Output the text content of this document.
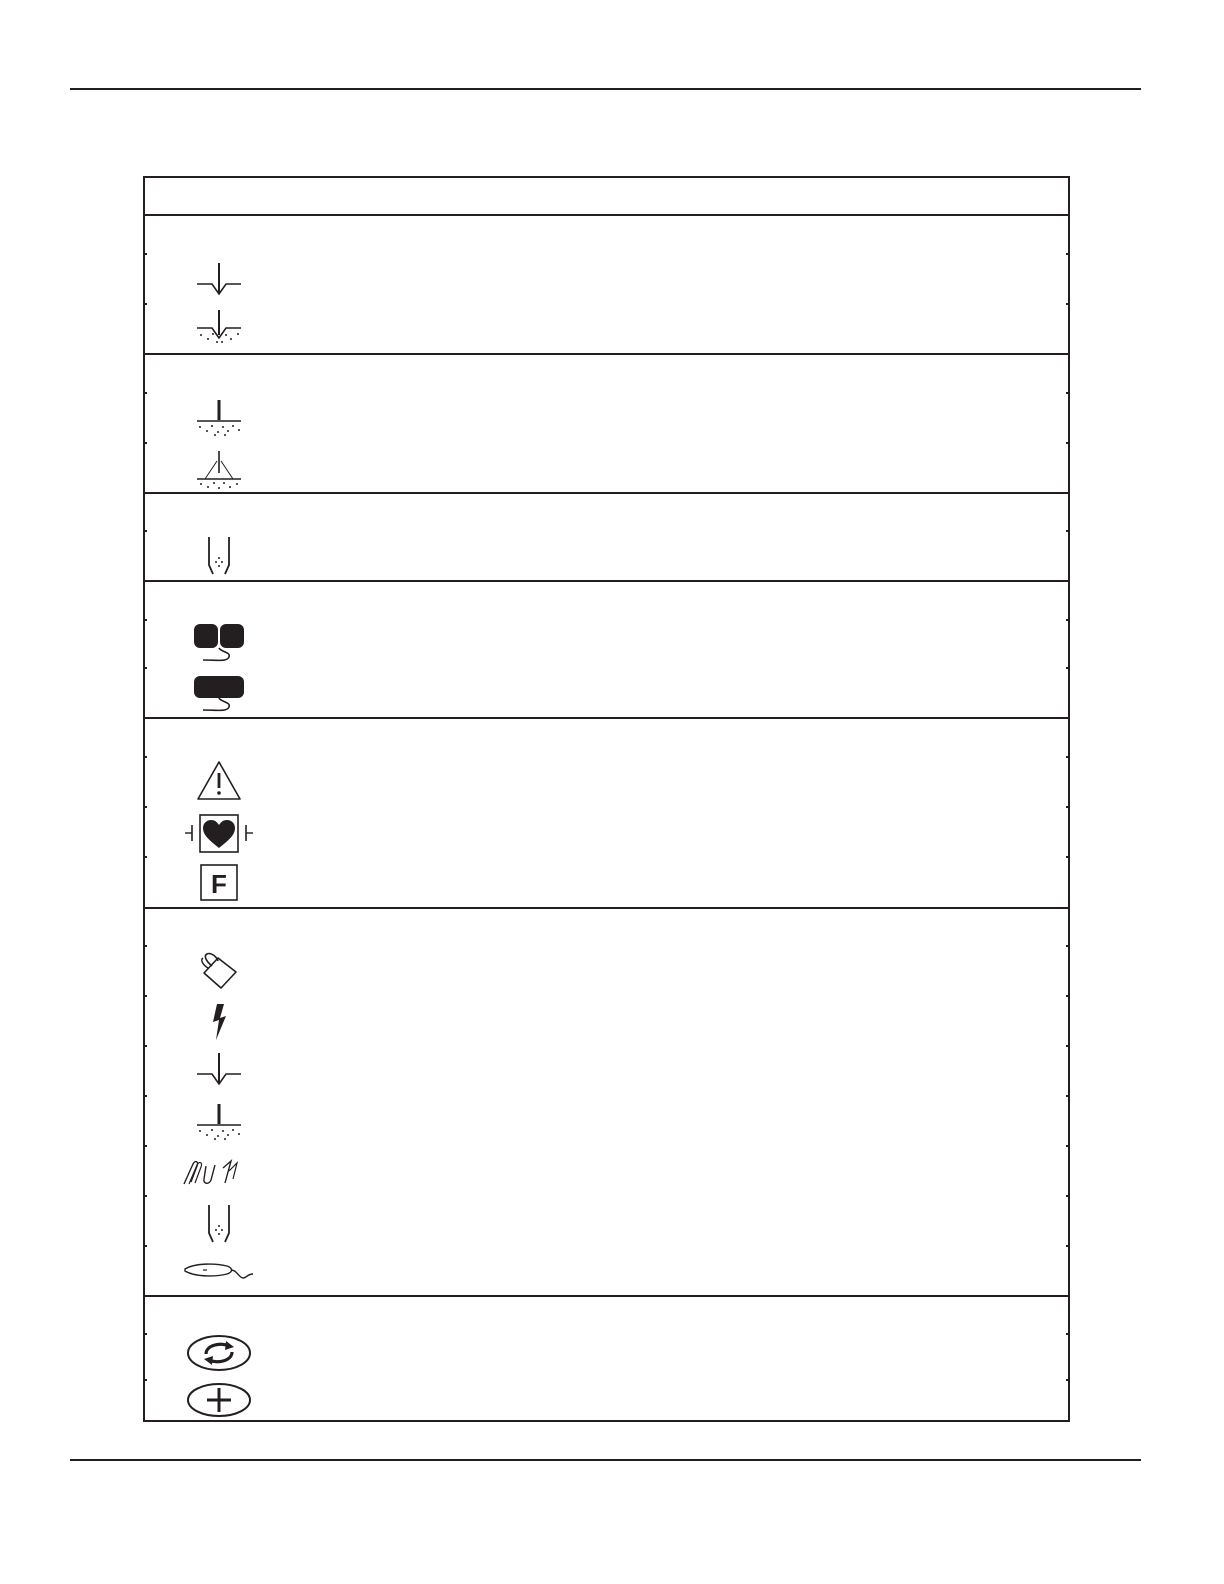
F
